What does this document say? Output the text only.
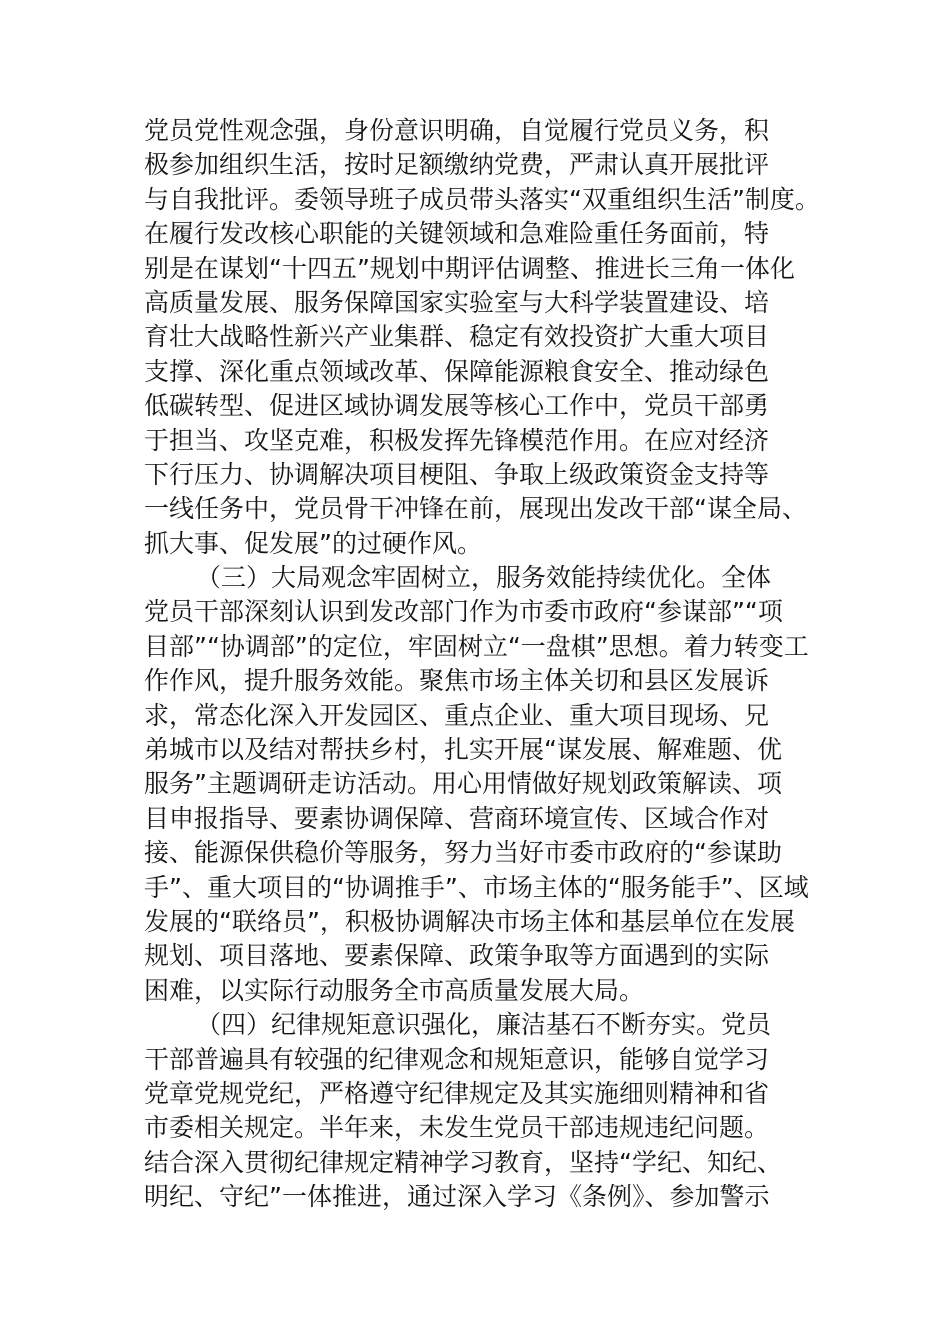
党员党性观念强，身份意识明确，自觉履行党员义务，积
极参加组织生活，按时足额缴纳党费，严肃认真开展批评
与自我批评。委领导班子成员带头落实“双重组织生活”制度。
在履行发改核心职能的关键领域和急难险重任务面前，特
别是在谋划“十四五”规划中期评估调整、推进长三角一体化
高质量发展、服务保障国家实验室与大科学装置建设、培
育壮大战略性新兴产业集群、稳定有效投资扩大重大项目
支撑、深化重点领域改革、保障能源粮食安全、推动绿色
低碳转型、促进区域协调发展等核心工作中，党员干部勇
于担当、攻坚克难，积极发挥先锋模范作用。在应对经济
下行压力、协调解决项目梗阻、争取上级政策资金支持等
一线任务中，党员骨干冲锋在前，展现出发改干部“谋全局、
抓大事、促发展”的过硬作风。
（三）大局观念牢固树立，服务效能持续优化。全体
党员干部深刻认识到发改部门作为市委市政府“参谋部”“项
目部”“协调部”的定位，牢固树立“一盘棋”思想。着力转变工
作作风，提升服务效能。聚焦市场主体关切和县区发展诉
求，常态化深入开发园区、重点企业、重大项目现场、兄
弟城市以及结对帮扶乡村，扎实开展“谋发展、解难题、优
服务”主题调研走访活动。用心用情做好规划政策解读、项
目申报指导、要素协调保障、营商环境宣传、区域合作对
接、能源保供稳价等服务，努力当好市委市政府的“参谋助
手”、重大项目的“协调推手”、市场主体的“服务能手”、区域
发展的“联络员”，积极协调解决市场主体和基层单位在发展
规划、项目落地、要素保障、政策争取等方面遇到的实际
困难，以实际行动服务全市高质量发展大局。
（四）纪律规矩意识强化，廉洁基石不断夯实。党员
干部普遍具有较强的纪律观念和规矩意识，能够自觉学习
党章党规党纪，严格遵守纪律规定及其实施细则精神和省
市委相关规定。半年来，未发生党员干部违规违纪问题。
结合深入贯彻纪律规定精神学习教育，坚持“学纪、知纪、
明纪、守纪”一体推进，通过深入学习《条例》、参加警示
